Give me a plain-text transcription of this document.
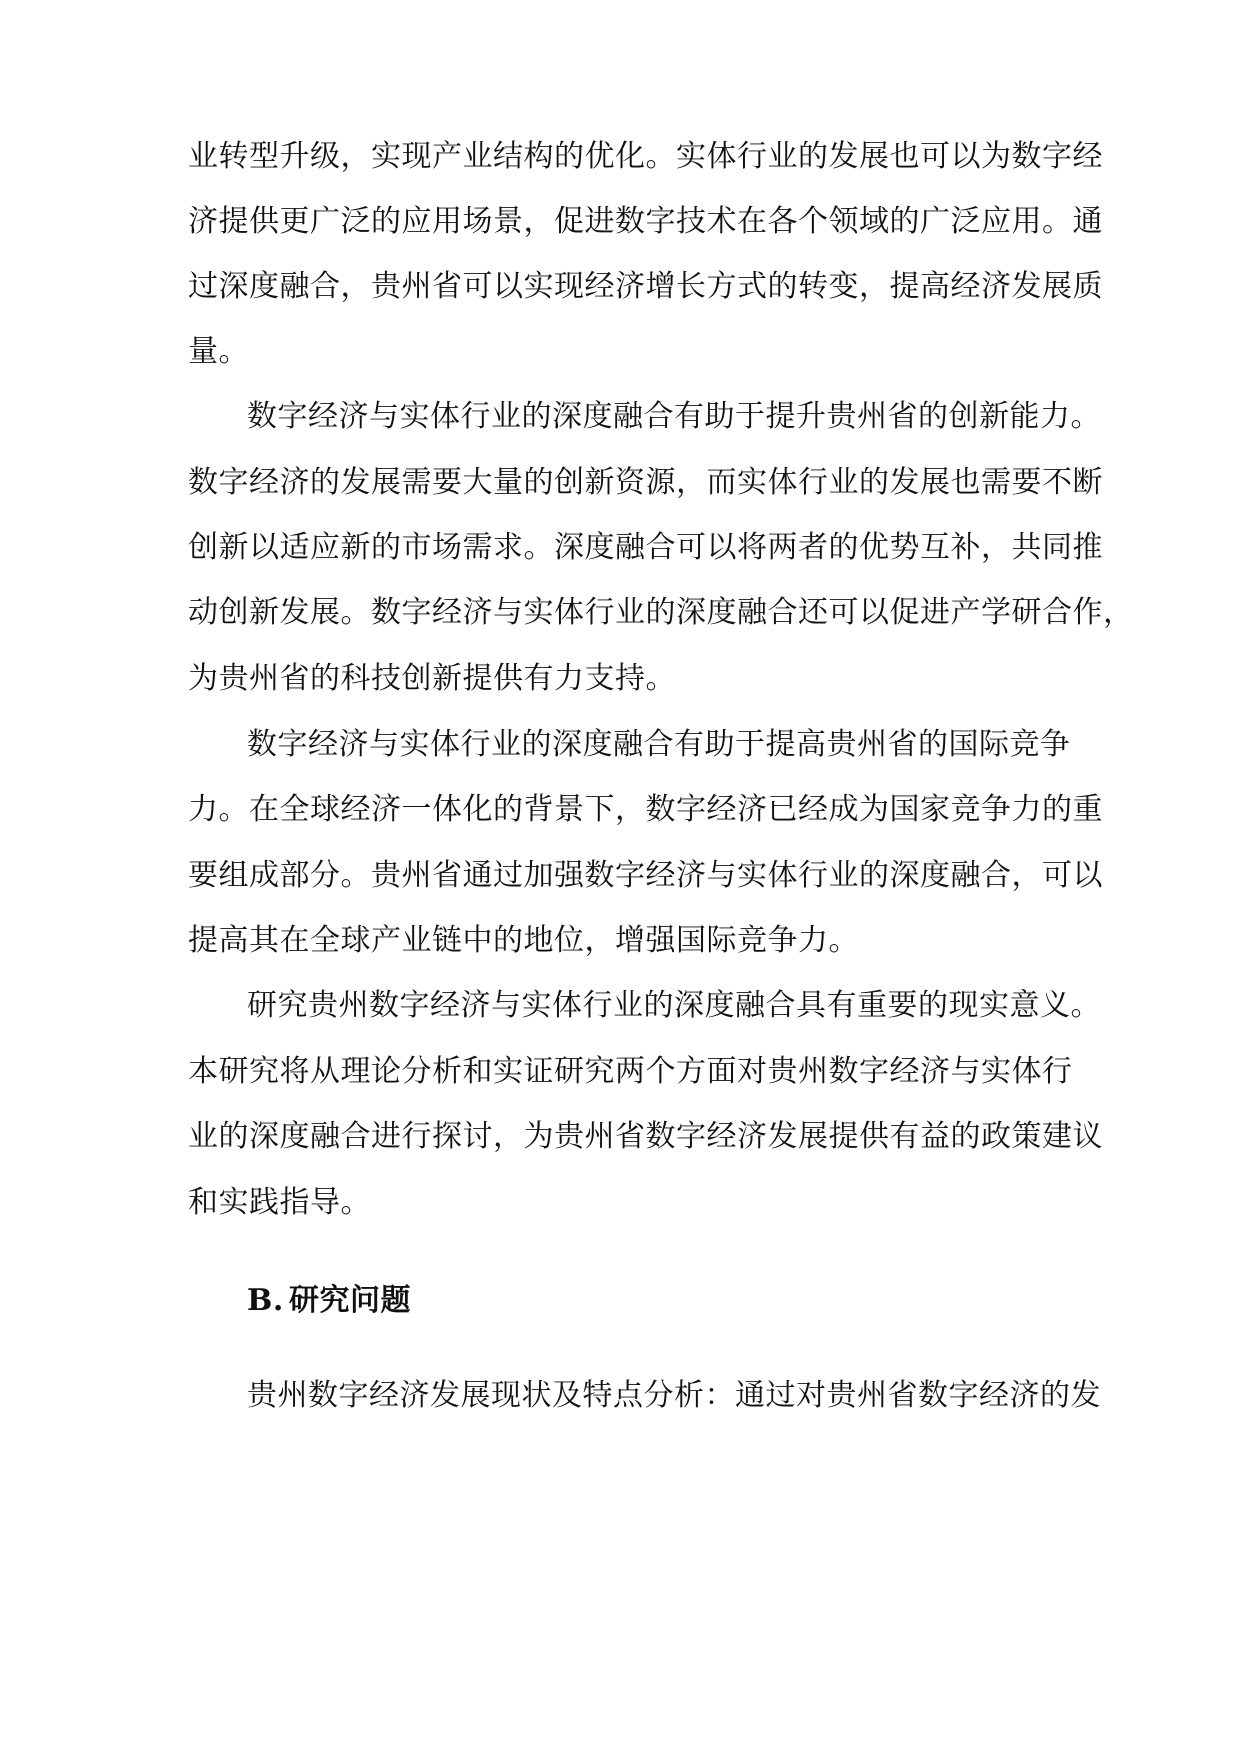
业转型升级，实现产业结构的优化。实体行业的发展也可以为数字经
济提供更广泛的应用场景，促进数字技术在各个领域的广泛应用。通
过深度融合，贵州省可以实现经济增长方式的转变，提高经济发展质
量。
数字经济与实体行业的深度融合有助于提升贵州省的创新能力。
数字经济的发展需要大量的创新资源，而实体行业的发展也需要不断
创新以适应新的市场需求。深度融合可以将两者的优势互补，共同推
动创新发展。数字经济与实体行业的深度融合还可以促进产学研合作，
为贵州省的科技创新提供有力支持。
数字经济与实体行业的深度融合有助于提高贵州省的国际竞争
力。在全球经济一体化的背景下，数字经济已经成为国家竞争力的重
要组成部分。贵州省通过加强数字经济与实体行业的深度融合，可以
提高其在全球产业链中的地位，增强国际竞争力。
研究贵州数字经济与实体行业的深度融合具有重要的现实意义。
本研究将从理论分析和实证研究两个方面对贵州数字经济与实体行
业的深度融合进行探讨，为贵州省数字经济发展提供有益的政策建议
和实践指导。
B. 研究问题
贵州数字经济发展现状及特点分析：通过对贵州省数字经济的发
